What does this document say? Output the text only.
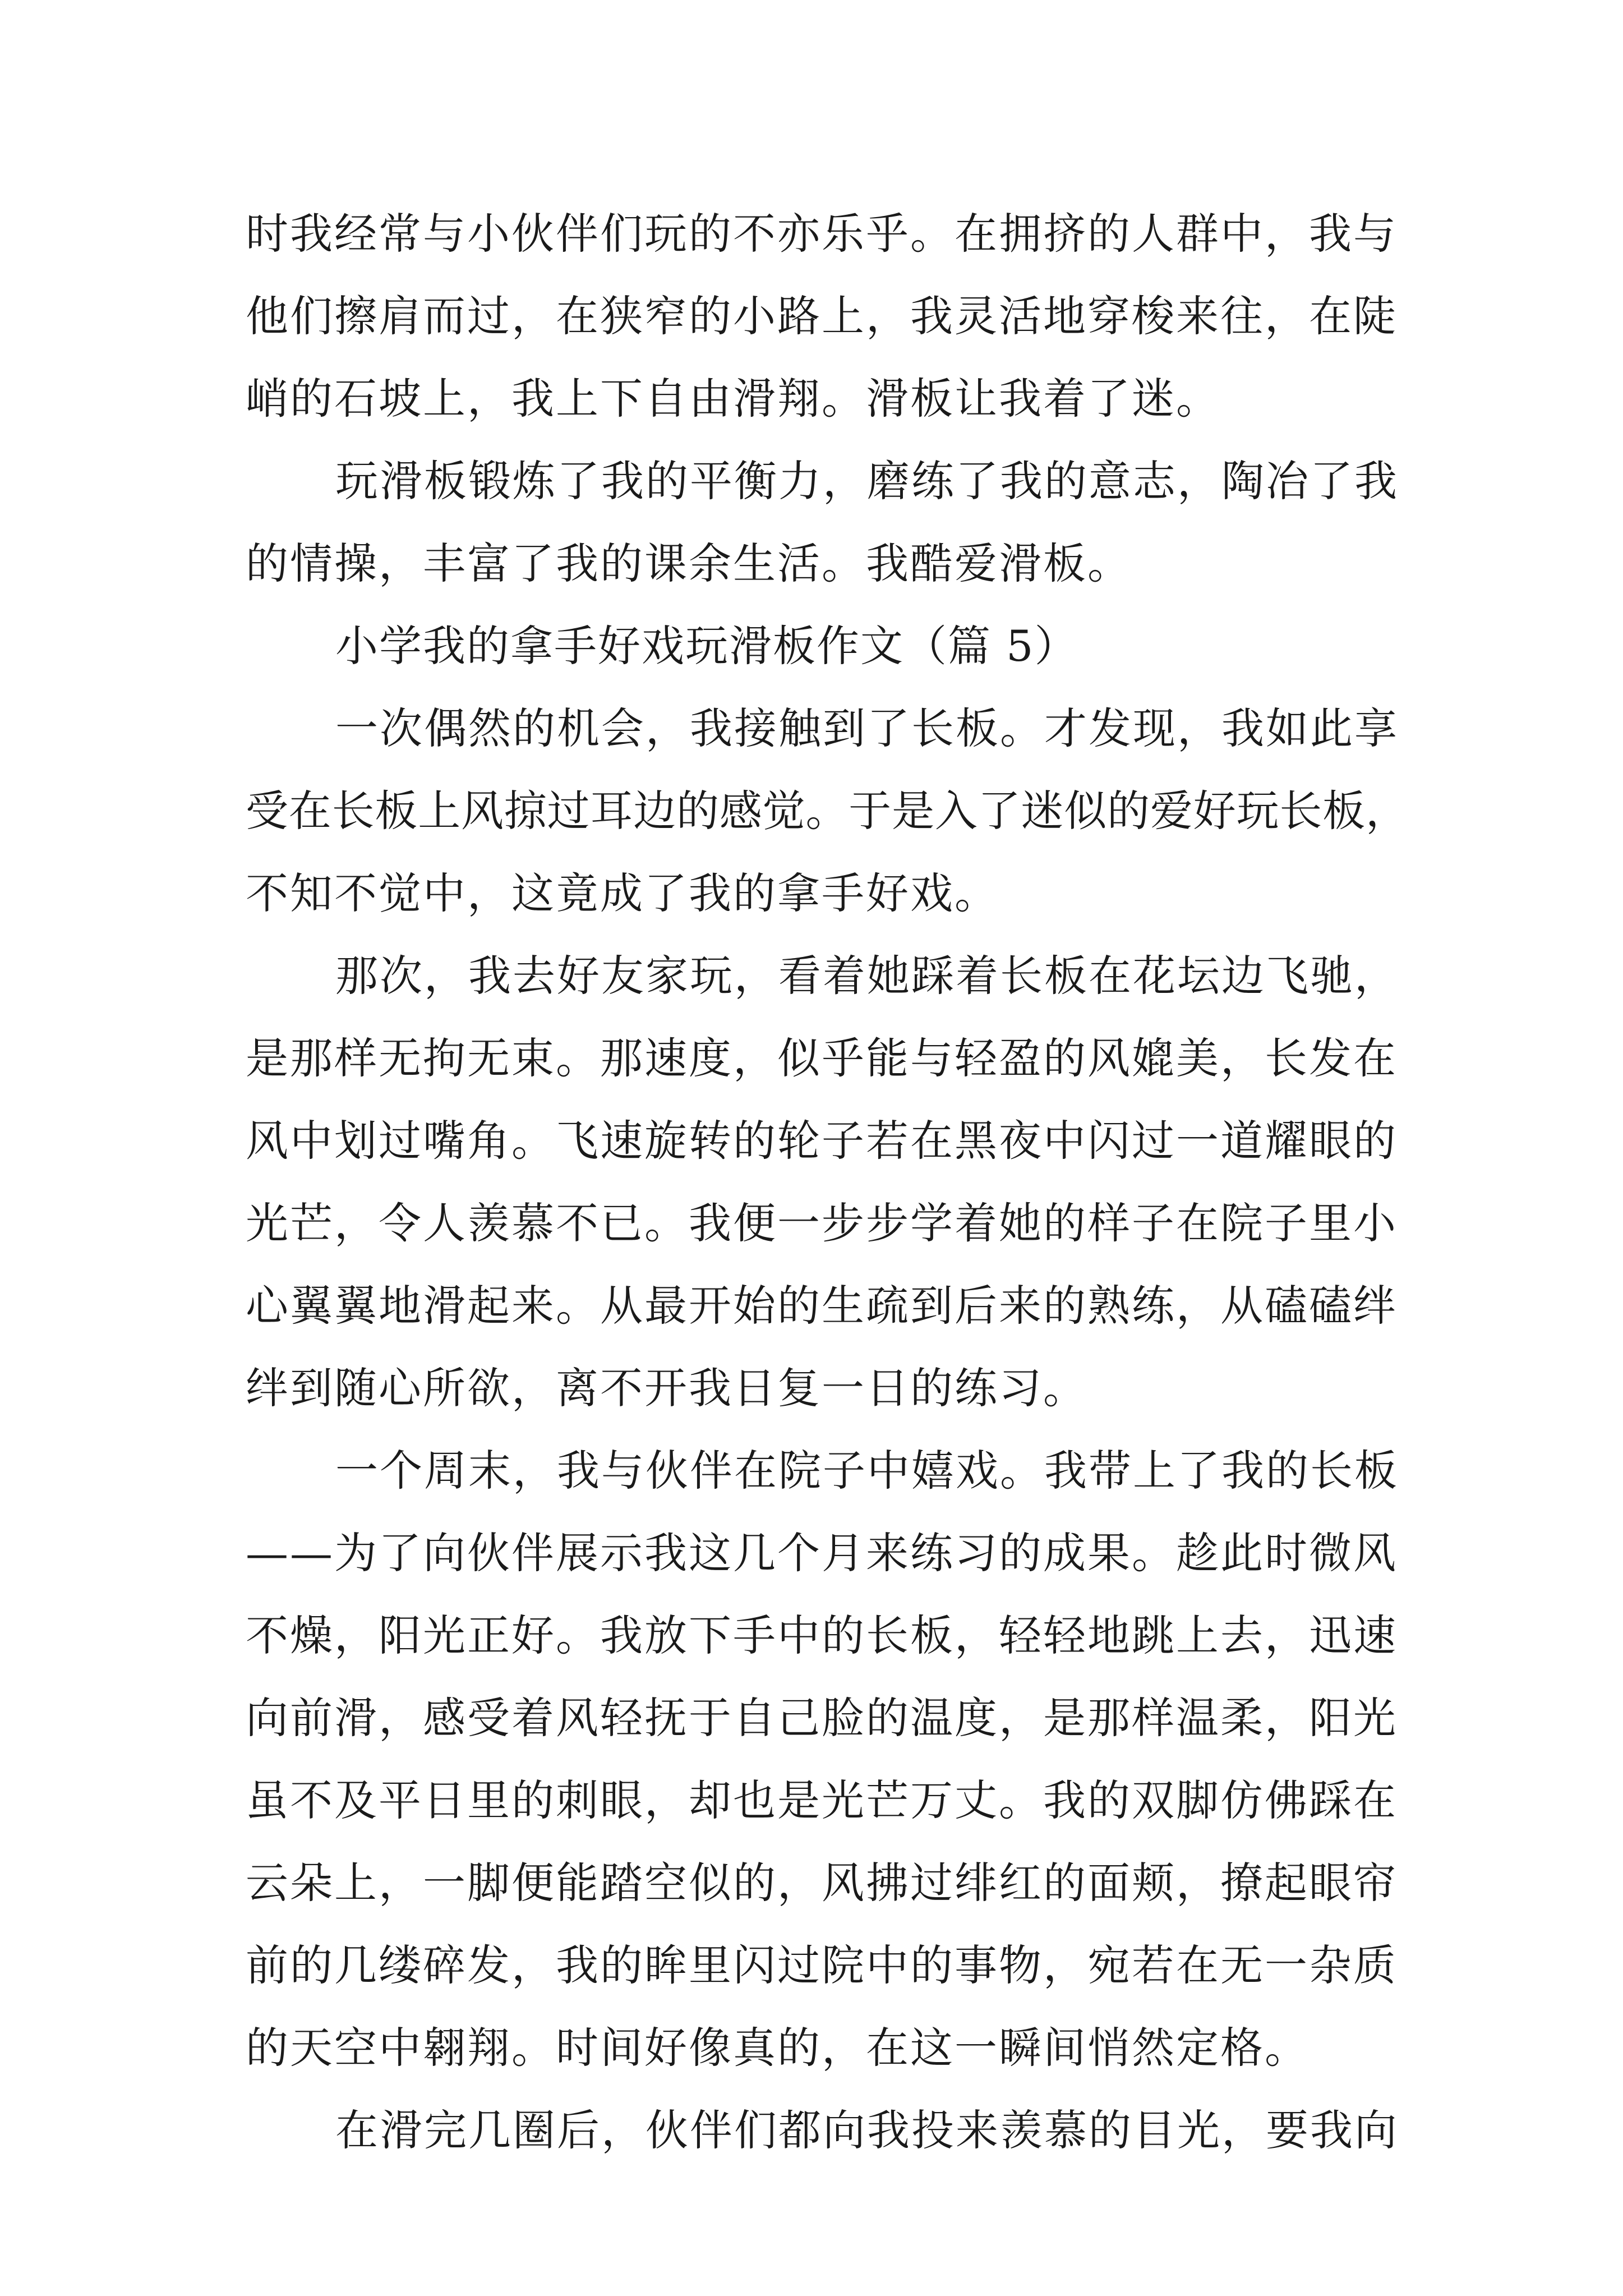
时我经常与小伙伴们玩的不亦乐乎。在拥挤的人群中，我与
他们擦肩而过，在狭窄的小路上，我灵活地穿梭来往，在陡
峭的石坡上，我上下自由滑翔。滑板让我着了迷。
玩滑板锻炼了我的平衡力，磨练了我的意志，陶冶了我
的情操，丰富了我的课余生活。我酷爱滑板。
小学我的拿手好戏玩滑板作文（篇 5）
一次偶然的机会，我接触到了长板。才发现，我如此享
受在长板上风掠过耳边的感觉。于是入了迷似的爱好玩长板，
不知不觉中，这竟成了我的拿手好戏。
那次，我去好友家玩，看着她踩着长板在花坛边飞驰，
是那样无拘无束。那速度，似乎能与轻盈的风媲美，长发在
风中划过嘴角。飞速旋转的轮子若在黑夜中闪过一道耀眼的
光芒，令人羡慕不已。我便一步步学着她的样子在院子里小
心翼翼地滑起来。从最开始的生疏到后来的熟练，从磕磕绊
绊到随心所欲，离不开我日复一日的练习。
一个周末，我与伙伴在院子中嬉戏。我带上了我的长板
——为了向伙伴展示我这几个月来练习的成果。趁此时微风
不燥，阳光正好。我放下手中的长板，轻轻地跳上去，迅速
向前滑，感受着风轻抚于自己脸的温度，是那样温柔，阳光
虽不及平日里的刺眼，却也是光芒万丈。我的双脚仿佛踩在
云朵上，一脚便能踏空似的，风拂过绯红的面颊，撩起眼帘
前的几缕碎发，我的眸里闪过院中的事物，宛若在无一杂质
的天空中翱翔。时间好像真的，在这一瞬间悄然定格。
在滑完几圈后，伙伴们都向我投来羡慕的目光，要我向
